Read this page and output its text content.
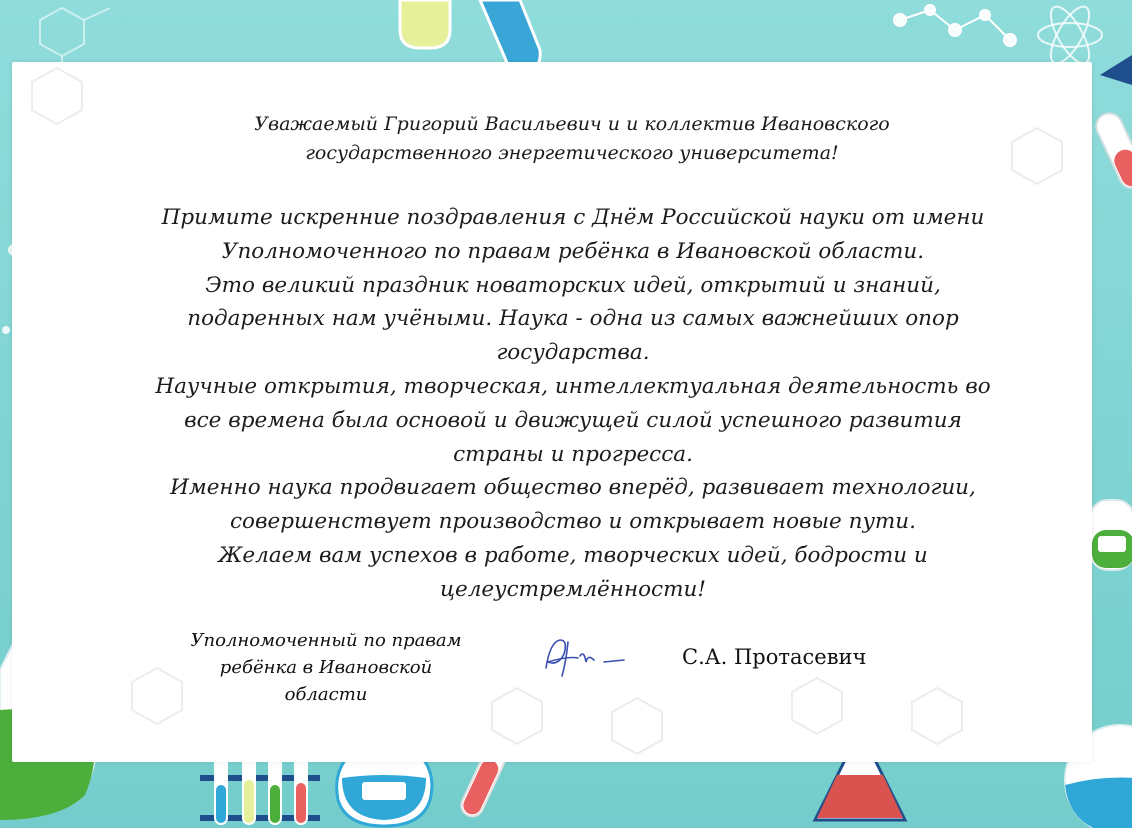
Уважаемый Григорий Васильевич и и коллектив Ивановского
государственного энергетического университета!

Примите искренние поздравления с Днём Российской науки от имени Уполномоченного по правам ребёнка в Ивановской области.

Это великий праздник новаторских идей, открытий и знаний, подаренных нам учёными. Наука - одна из самых важнейших опор государства.

Научные открытия, творческая, интеллектуальная деятельность во все времена была основой и движущей силой успешного развития страны и прогресса.

Именно наука продвигает общество вперёд, развивает технологии, совершенствует производство и открывает новые пути.

Желаем вам успехов в работе, творческих идей, бодрости и целеустремлённости!

Уполномоченный по правам
ребёнка в Ивановской области
С.А. Протасевич
